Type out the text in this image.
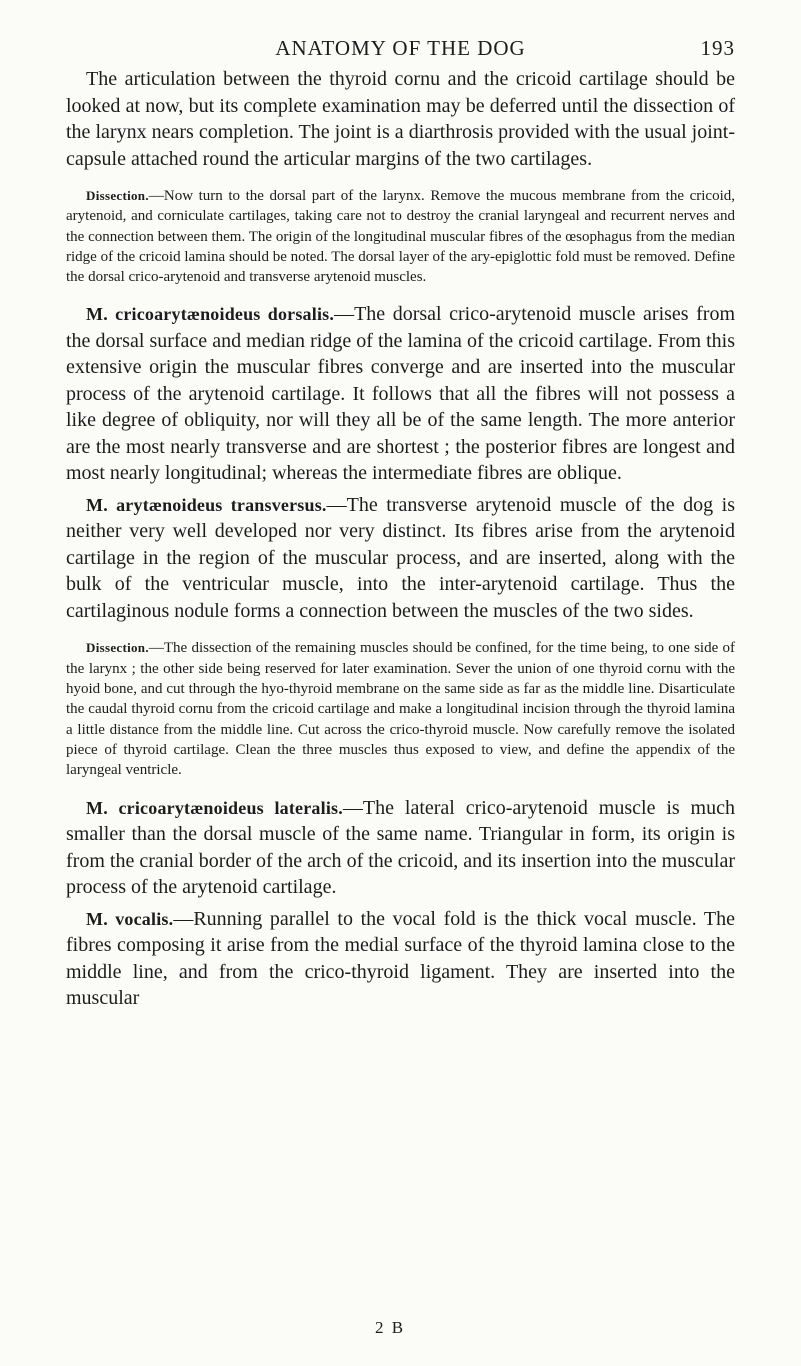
ANATOMY OF THE DOG	193

The articulation between the thyroid cornu and the cricoid cartilage should be looked at now, but its complete examination may be deferred until the dissection of the larynx nears completion. The joint is a diarthrosis provided with the usual joint-capsule attached round the articular margins of the two cartilages.

Dissection.—Now turn to the dorsal part of the larynx. Remove the mucous membrane from the cricoid, arytenoid, and corniculate cartilages, taking care not to destroy the cranial laryngeal and recurrent nerves and the connection between them. The origin of the longitudinal muscular fibres of the œsophagus from the median ridge of the cricoid lamina should be noted. The dorsal layer of the ary-epiglottic fold must be removed. Define the dorsal crico-arytenoid and transverse arytenoid muscles.

M. cricoarytænoideus dorsalis.—The dorsal crico-arytenoid muscle arises from the dorsal surface and median ridge of the lamina of the cricoid cartilage. From this extensive origin the muscular fibres converge and are inserted into the muscular process of the arytenoid cartilage. It follows that all the fibres will not possess a like degree of obliquity, nor will they all be of the same length. The more anterior are the most nearly transverse and are shortest ; the posterior fibres are longest and most nearly longitudinal; whereas the intermediate fibres are oblique.

M. arytænoideus transversus.—The transverse arytenoid muscle of the dog is neither very well developed nor very distinct. Its fibres arise from the arytenoid cartilage in the region of the muscular process, and are inserted, along with the bulk of the ventricular muscle, into the inter-arytenoid cartilage. Thus the cartilaginous nodule forms a connection between the muscles of the two sides.

Dissection.—The dissection of the remaining muscles should be confined, for the time being, to one side of the larynx ; the other side being reserved for later examination. Sever the union of one thyroid cornu with the hyoid bone, and cut through the hyo-thyroid membrane on the same side as far as the middle line. Disarticulate the caudal thyroid cornu from the cricoid cartilage and make a longitudinal incision through the thyroid lamina a little distance from the middle line. Cut across the crico-thyroid muscle. Now carefully remove the isolated piece of thyroid cartilage. Clean the three muscles thus exposed to view, and define the appendix of the laryngeal ventricle.

M. cricoarytænoideus lateralis.—The lateral crico-arytenoid muscle is much smaller than the dorsal muscle of the same name. Triangular in form, its origin is from the cranial border of the arch of the cricoid, and its insertion into the muscular process of the arytenoid cartilage.

M. vocalis.—Running parallel to the vocal fold is the thick vocal muscle. The fibres composing it arise from the medial surface of the thyroid lamina close to the middle line, and from the crico-thyroid ligament. They are inserted into the muscular

2 B
